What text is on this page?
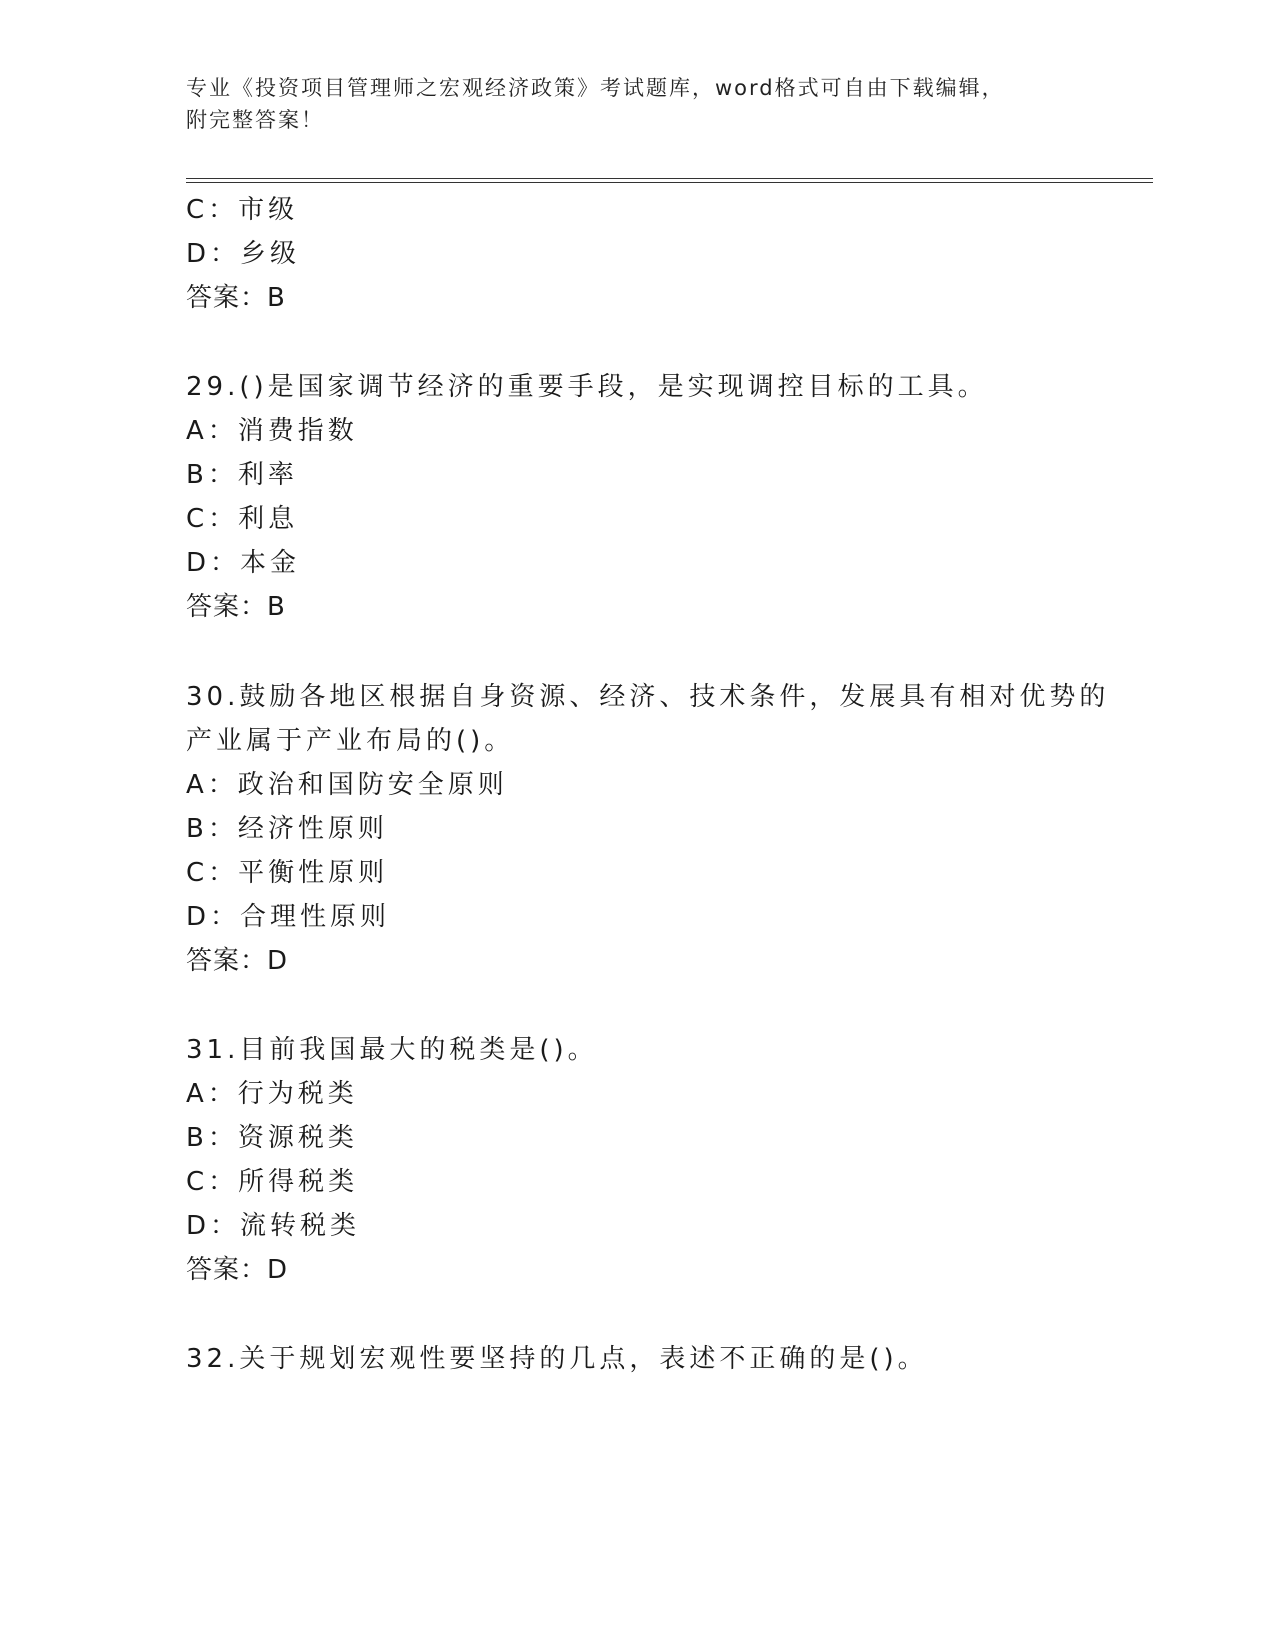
专业《投资项目管理师之宏观经济政策》考试题库，word格式可自由下载编辑，
附完整答案！
C：市级
D：乡级
答案：B
29.()是国家调节经济的重要手段，是实现调控目标的工具。
A：消费指数
B：利率
C：利息
D：本金
答案：B
30.鼓励各地区根据自身资源、经济、技术条件，发展具有相对优势的
产业属于产业布局的()。
A：政治和国防安全原则
B：经济性原则
C：平衡性原则
D：合理性原则
答案：D
31.目前我国最大的税类是()。
A：行为税类
B：资源税类
C：所得税类
D：流转税类
答案：D
32.关于规划宏观性要坚持的几点，表述不正确的是()。
